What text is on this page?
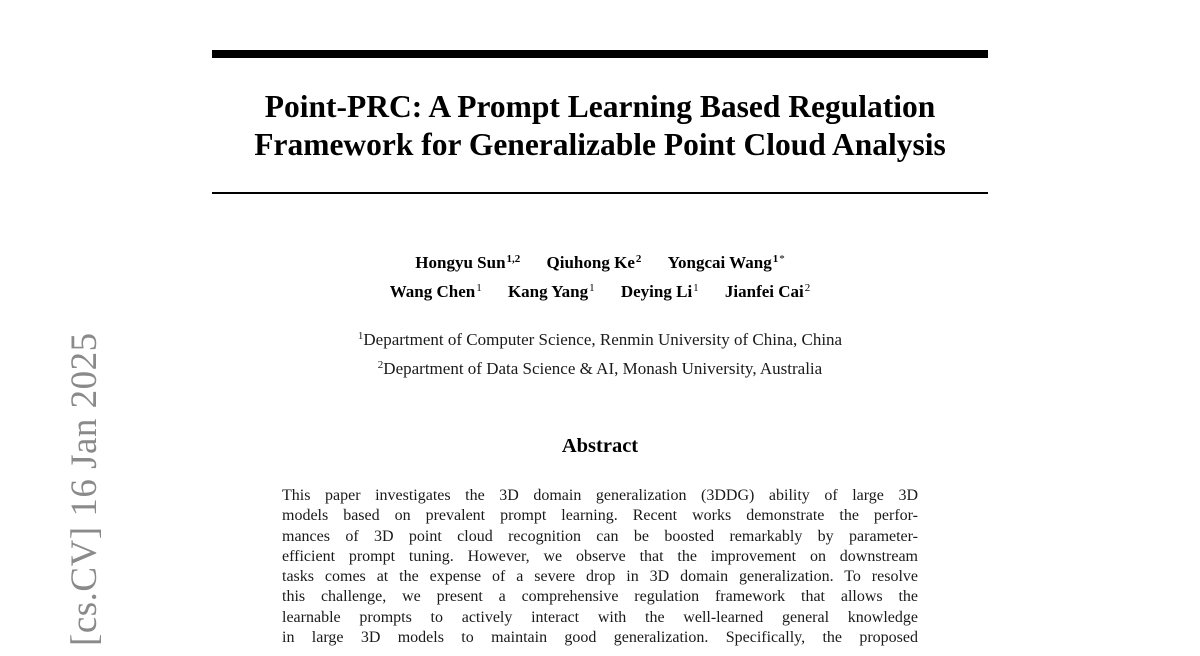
[cs.CV] 16 Jan 2025
Point-PRC: A Prompt Learning Based Regulation
Framework for Generalizable Point Cloud Analysis
Hongyu Sun$^{1,2}$ Qiuhong Ke$^2$ Yongcai Wang$^{1*}$
Wang Chen$^1$ Kang Yang$^1$ Deying Li$^1$ Jianfei Cai$^2$
$^1$Department of Computer Science, Renmin University of China, China
$^2$Department of Data Science & AI, Monash University, Australia
Abstract
This paper investigates the 3D domain generalization (3DDG) ability of large 3D
models based on prevalent prompt learning. Recent works demonstrate the perfor-
mances of 3D point cloud recognition can be boosted remarkably by parameter-
efficient prompt tuning. However, we observe that the improvement on downstream
tasks comes at the expense of a severe drop in 3D domain generalization. To resolve
this challenge, we present a comprehensive regulation framework that allows the
learnable prompts to actively interact with the well-learned general knowledge
in large 3D models to maintain good generalization. Specifically, the proposed
